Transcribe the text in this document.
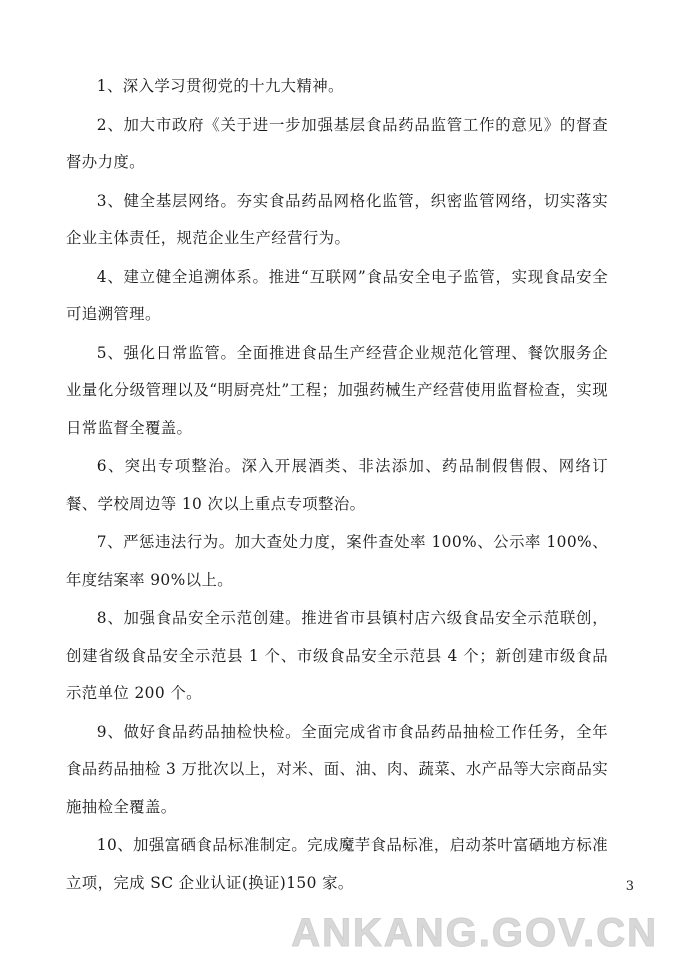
1、深入学习贯彻党的十九大精神。

2、加大市政府《关于进一步加强基层食品药品监管工作的意见》的督查督办力度。

3、健全基层网络。夯实食品药品网格化监管，织密监管网络，切实落实企业主体责任，规范企业生产经营行为。

4、建立健全追溯体系。推进“互联网”食品安全电子监管，实现食品安全可追溯管理。

5、强化日常监管。全面推进食品生产经营企业规范化管理、餐饮服务企业量化分级管理以及“明厨亮灶”工程；加强药械生产经营使用监督检查，实现日常监督全覆盖。

6、突出专项整治。深入开展酒类、非法添加、药品制假售假、网络订餐、学校周边等 10 次以上重点专项整治。

7、严惩违法行为。加大查处力度，案件查处率 100%、公示率 100%、年度结案率 90%以上。

8、加强食品安全示范创建。推进省市县镇村店六级食品安全示范联创，创建省级食品安全示范县 1 个、市级食品安全示范县 4 个；新创建市级食品示范单位 200 个。

9、做好食品药品抽检快检。全面完成省市食品药品抽检工作任务，全年食品药品抽检 3 万批次以上，对米、面、油、肉、蔬菜、水产品等大宗商品实施抽检全覆盖。

10、加强富硒食品标准制定。完成魔芋食品标准，启动茶叶富硒地方标准立项，完成 SC 企业认证(换证)150 家。	3
ANKANG.GOV.CN
